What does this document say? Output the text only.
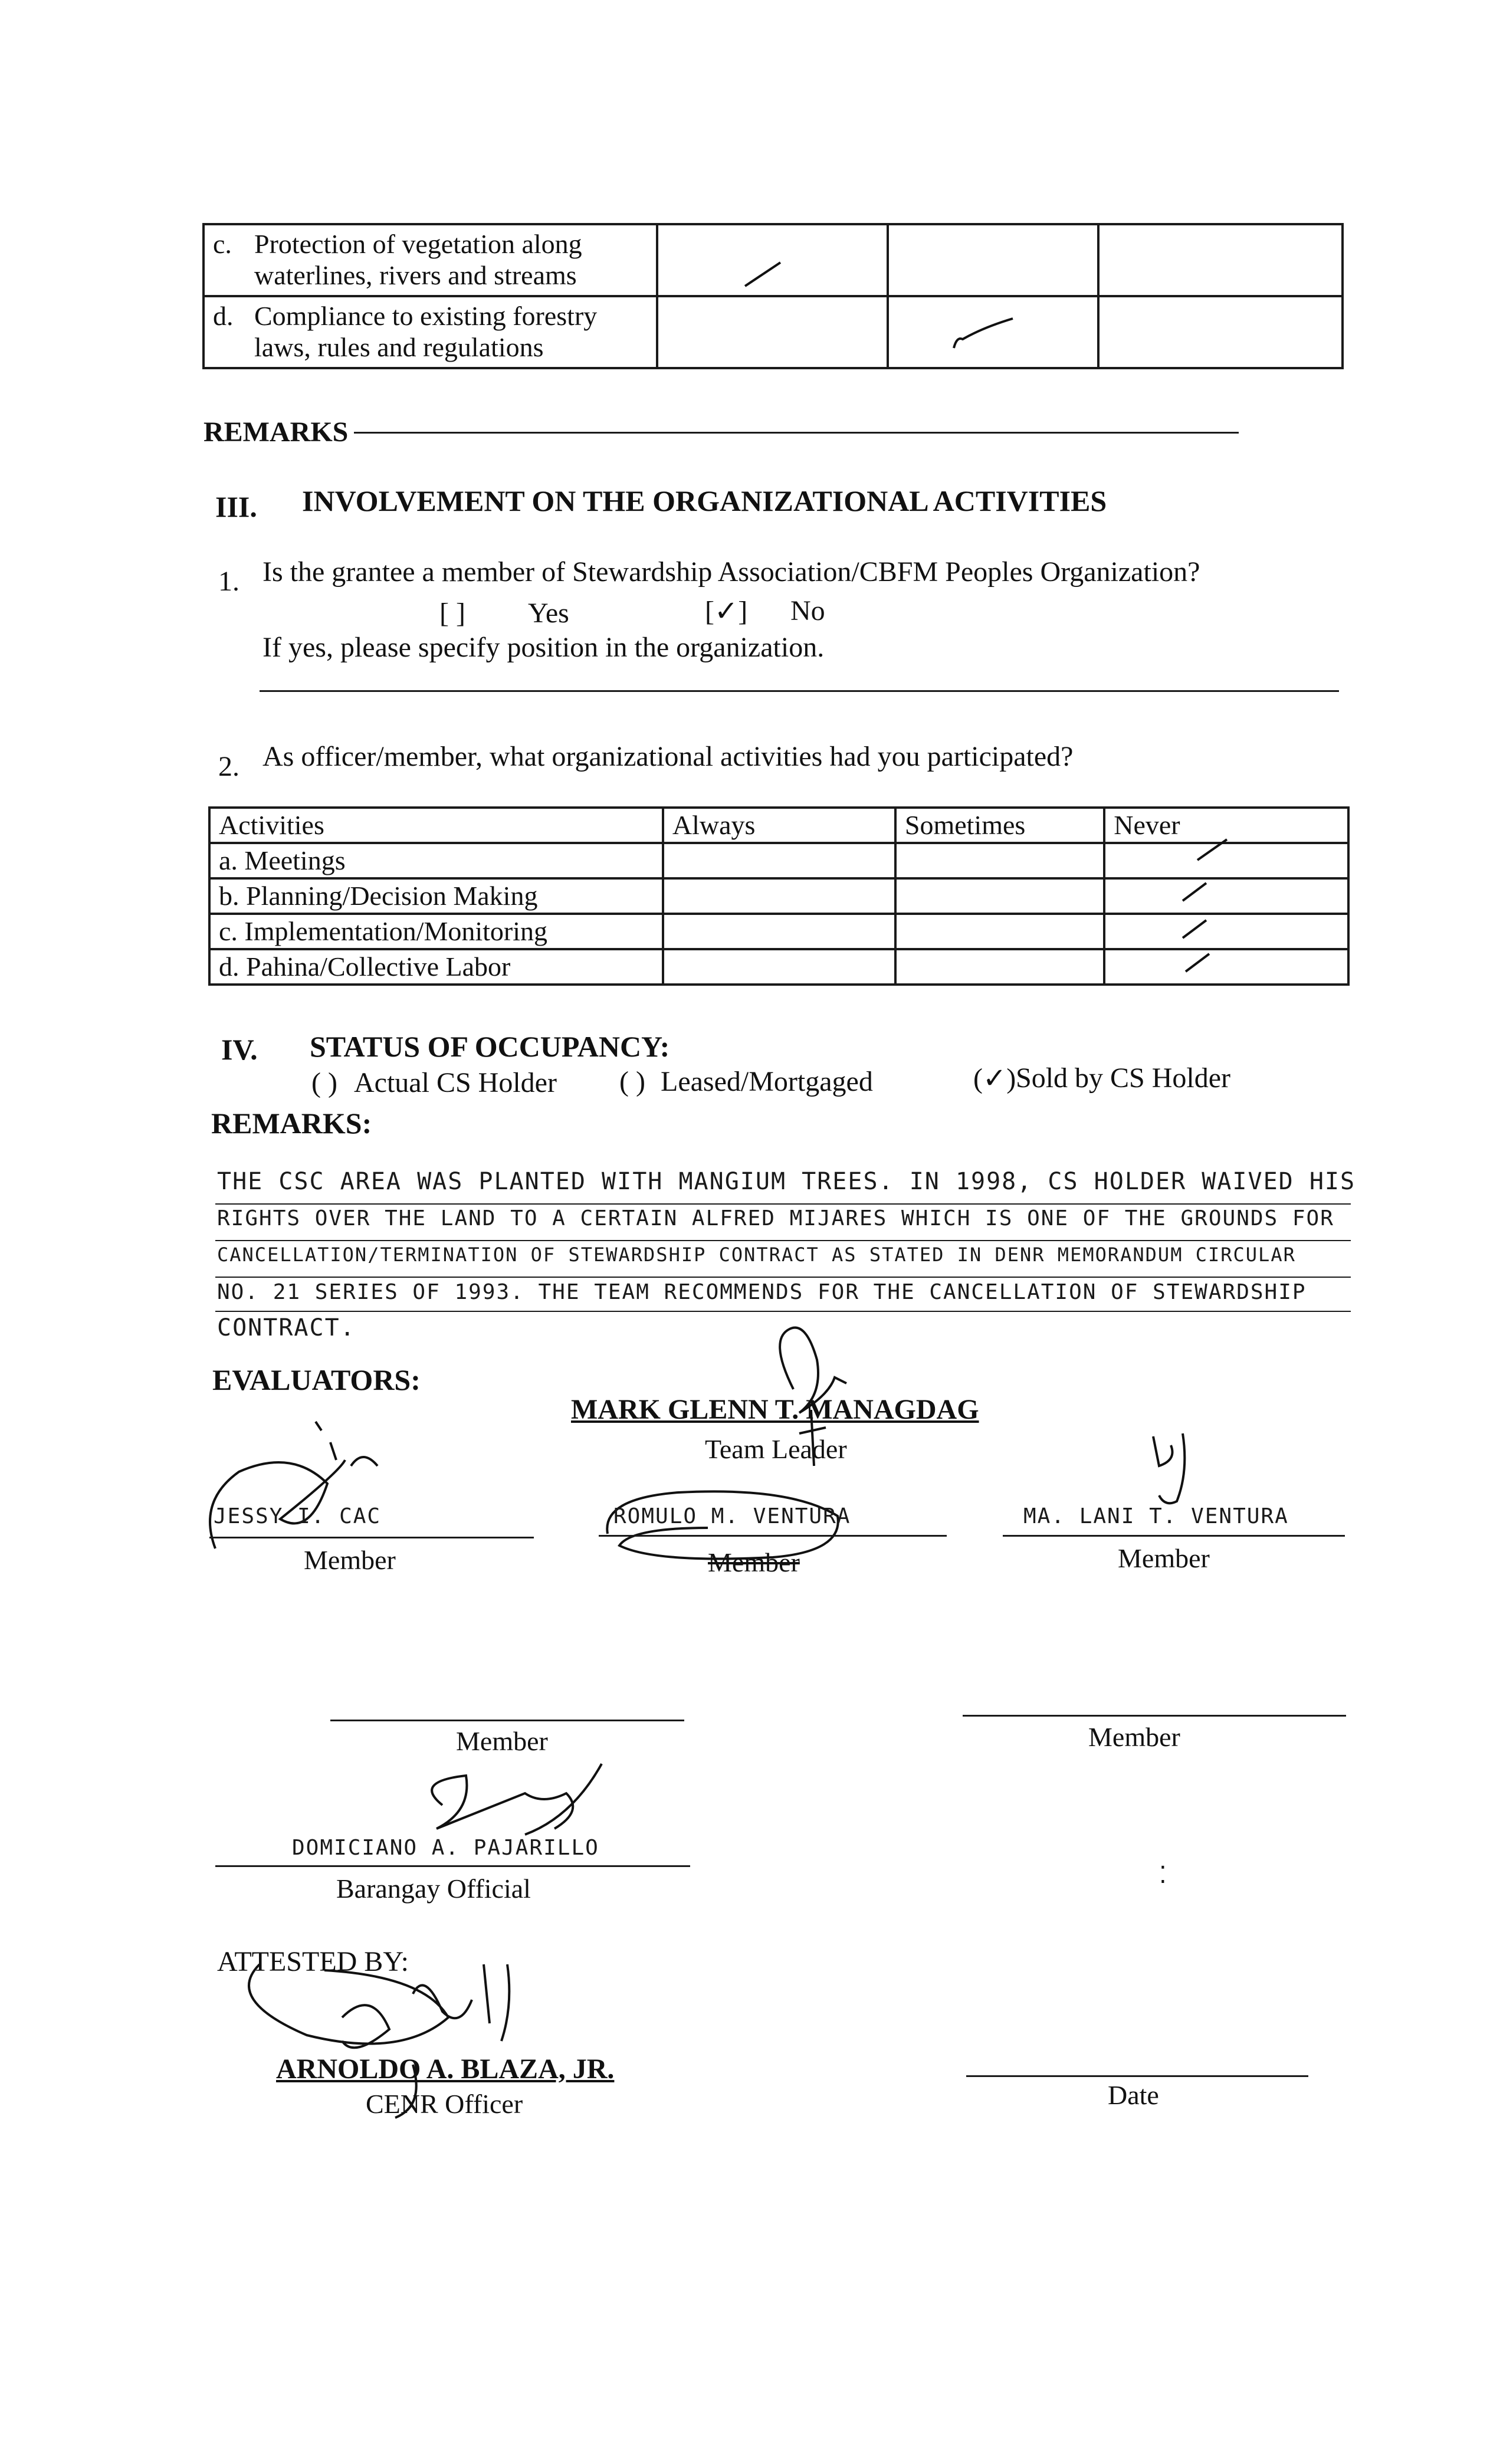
c. Protection of vegetation along
waterlines, rivers and streams			

d. Compliance to existing forestry
laws, rules and regulations			

REMARKS
III. INVOLVEMENT ON THE ORGANIZATIONAL ACTIVITIES
1. Is the grantee a member of Stewardship Association/CBFM Peoples Organization?
[ ] Yes	[✓] No
If yes, please specify position in the organization.
2. As officer/member, what organizational activities had you participated?
Activities	Always	Sometimes	Never
a. Meetings			
b. Planning/Decision Making			
c. Implementation/Monitoring			
d. Pahina/Collective Labor			
IV. STATUS OF OCCUPANCY:
( ) Actual CS Holder ( ) Leased/Mortgaged	(✓) Sold by CS Holder
REMARKS:
THE CSC AREA WAS PLANTED WITH MANGIUM TREES. IN 1998, CS HOLDER WAIVED HIS
RIGHTS OVER THE LAND TO A CERTAIN ALFRED MIJARES WHICH IS ONE OF THE GROUNDS FOR
CANCELLATION/TERMINATION OF STEWARDSHIP CONTRACT AS STATED IN DENR MEMORANDUM CIRCULAR
NO. 21 SERIES OF 1993. THE TEAM RECOMMENDS FOR THE CANCELLATION OF STEWARDSHIP
CONTRACT.
EVALUATORS:
MARK GLENN T. MANAGDAG
Team Leader
JESSY I. CAC
Member
ROMULO M. VENTURA
Member
MA. LANI T. VENTURA
Member
Member	Member
DOMICIANO A. PAJARILLO
Barangay Official	⁚
ATTESTED BY:
ARNOLDO A. BLAZA, JR.
CENR Officer	Date
